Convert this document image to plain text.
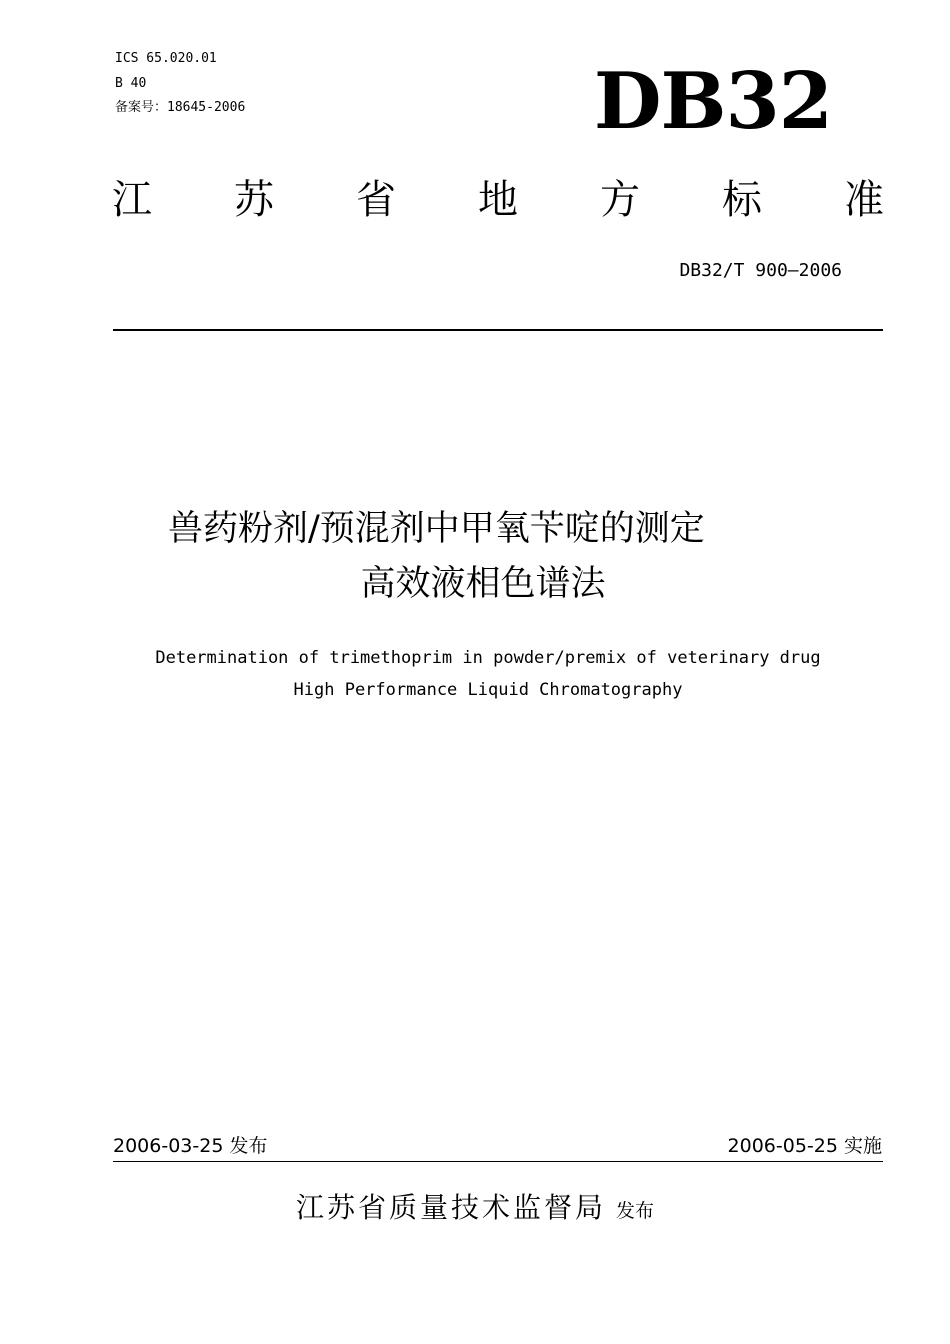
ICS 65.020.01
B 40
备案号：18645-2006	DB32
江 苏 省 地 方 标 准
DB32/T 900—2006
兽药粉剂/预混剂中甲氧苄啶的测定
高效液相色谱法
Determination of trimethoprim in powder/premix of veterinary drug
High Performance Liquid Chromatography
2006-03-25 发布	2006-05-25 实施
江苏省质量技术监督局 发布
